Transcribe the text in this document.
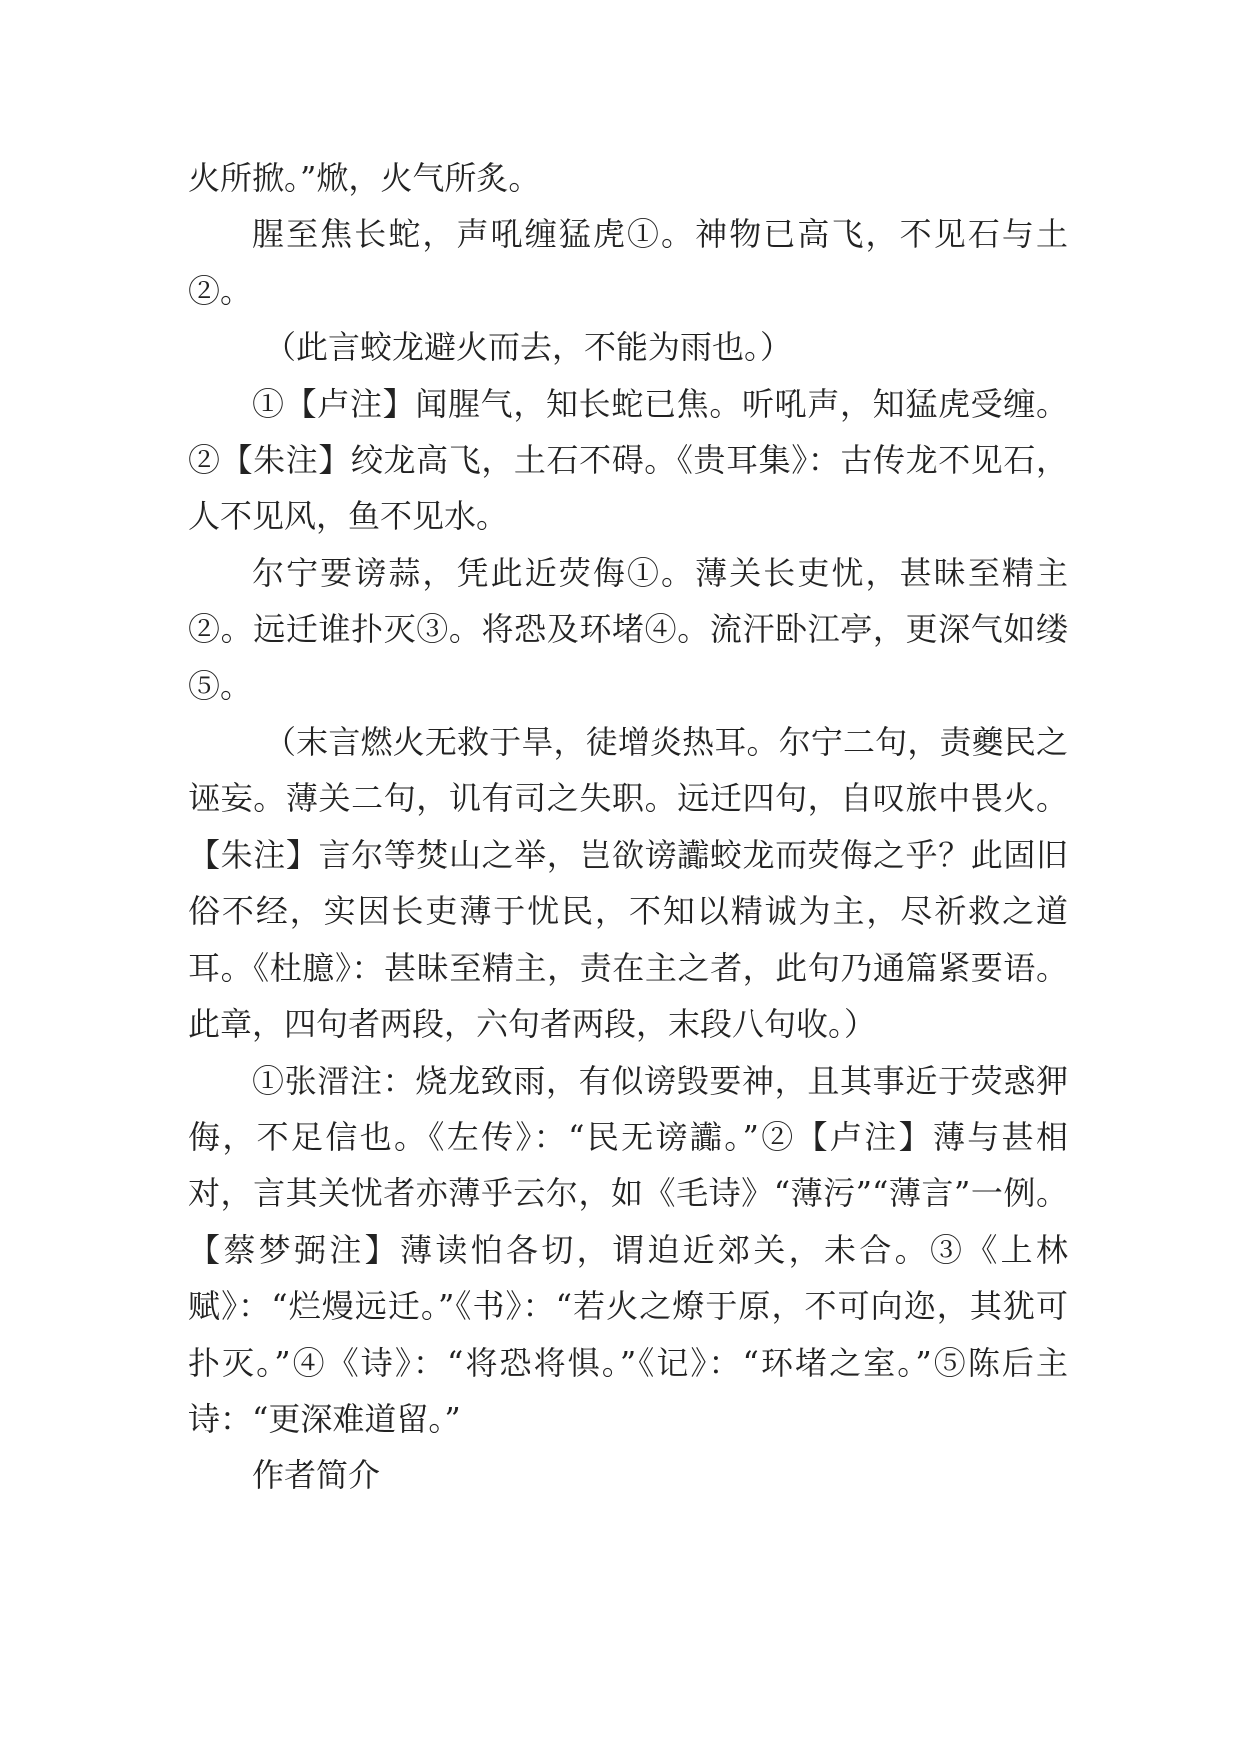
火所掀。”焮，火气所炙。

腥至焦长蛇，声吼缠猛虎①。神物已高飞，不见石与土②。

（此言蛟龙避火而去，不能为雨也。）

①【卢注】闻腥气，知长蛇已焦。听吼声，知猛虎受缠。②【朱注】绞龙高飞，土石不碍。《贵耳集》：古传龙不见石，人不见风，鱼不见水。

尔宁要谤蒜，凭此近荧侮①。薄关长吏忧，甚昧至精主②。远迁谁扑灭③。将恐及环堵④。流汗卧江亭，更深气如缕⑤。

（末言燃火无救于旱，徒增炎热耳。尔宁二句，责夔民之诬妄。薄关二句，讥有司之失职。远迁四句，自叹旅中畏火。【朱注】言尔等焚山之举，岂欲谤讟蛟龙而荧侮之乎？此固旧俗不经，实因长吏薄于忧民，不知以精诚为主，尽祈救之道耳。《杜臆》：甚昧至精主，责在主之者，此句乃通篇紧要语。此章，四句者两段，六句者两段，末段八句收。）

①张溍注：烧龙致雨，有似谤毁要神，且其事近于荧惑狎侮，不足信也。《左传》：“民无谤讟。”②【卢注】薄与甚相对，言其关忧者亦薄乎云尔，如《毛诗》“薄污”“薄言”一例。【蔡梦弼注】薄读怕各切，谓迫近郊关，未合。③《上林赋》：“烂熳远迁。”《书》：“若火之燎于原，不可向迩，其犹可扑灭。”④《诗》：“将恐将惧。”《记》：“环堵之室。”⑤陈后主诗：“更深难道留。”

作者简介
